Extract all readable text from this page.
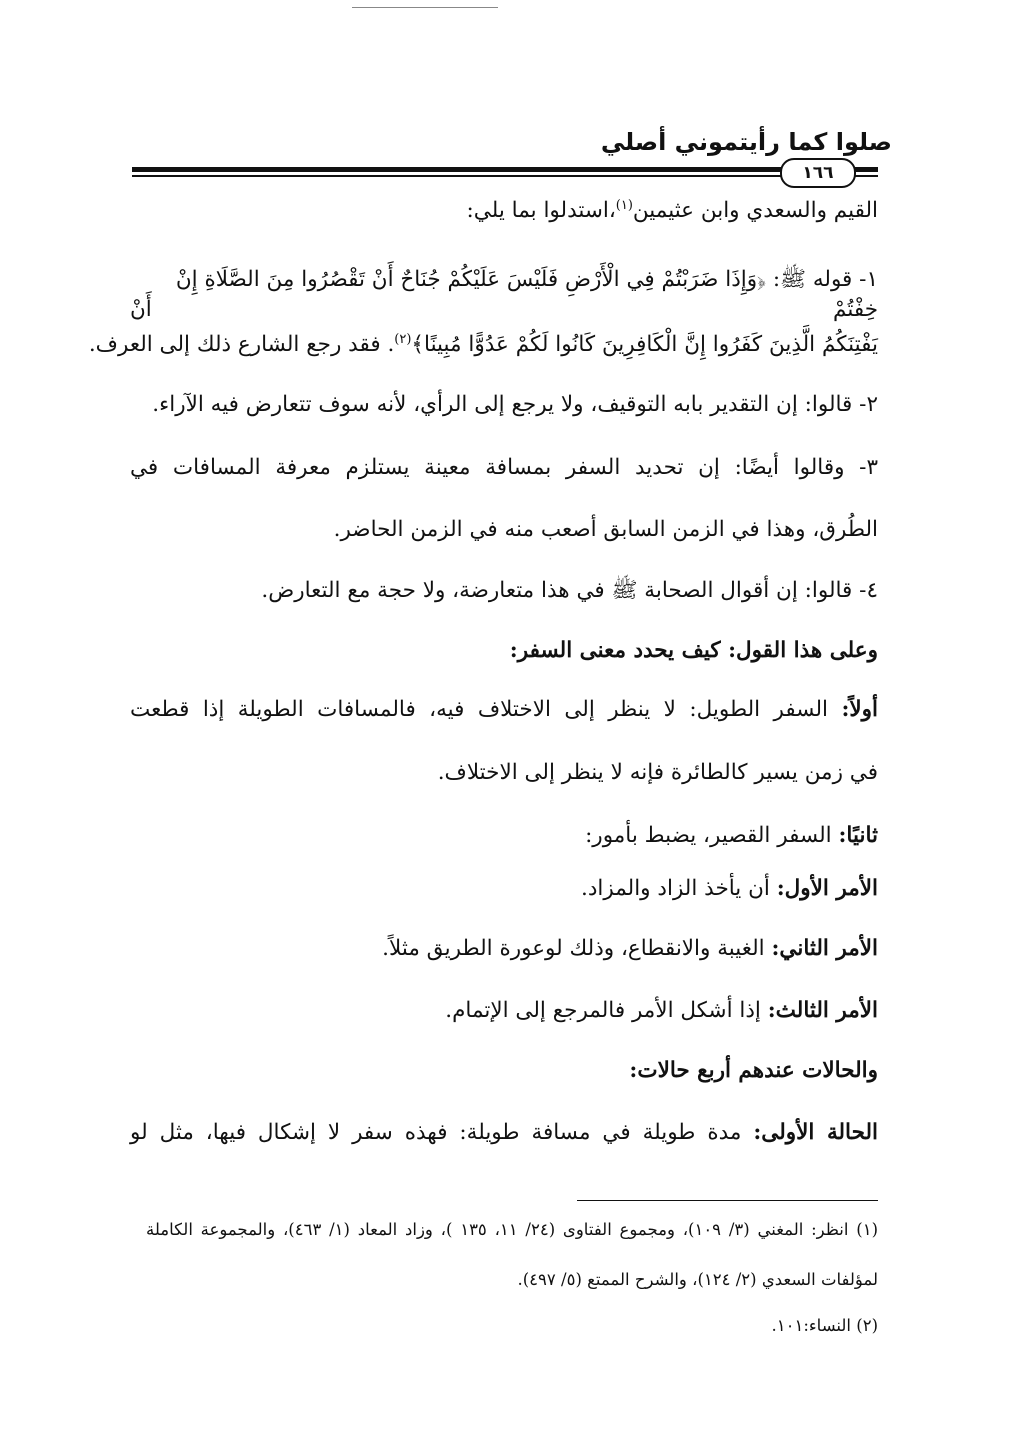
صلوا كما رأيتموني أصلي
١٦٦
القيم والسعدي وابن عثيمين$^{(١)}$،استدلوا بما يلي:
١- قوله ﷺ: ﴿وَإِذَا ضَرَبْتُمْ فِي الْأَرْضِ فَلَيْسَ عَلَيْكُمْ جُنَاحٌ أَنْ تَقْصُرُوا مِنَ الصَّلَاةِ إِنْ خِفْتُمْ أَنْ
يَفْتِنَكُمُ الَّذِينَ كَفَرُوا إِنَّ الْكَافِرِينَ كَانُوا لَكُمْ عَدُوًّا مُبِينًا﴾$^{(٢)}$. فقد رجع الشارع ذلك إلى العرف.
٢- قالوا: إن التقدير بابه التوقيف، ولا يرجع إلى الرأي، لأنه سوف تتعارض فيه الآراء.
٣- وقالوا أيضًا: إن تحديد السفر بمسافة معينة يستلزم معرفة المسافات في
الطُرق، وهذا في الزمن السابق أصعب منه في الزمن الحاضر.
٤- قالوا: إن أقوال الصحابة ﷺ في هذا متعارضة، ولا حجة مع التعارض.
وعلى هذا القول: كيف يحدد معنى السفر:
أولاً: السفر الطويل: لا ينظر إلى الاختلاف فيه، فالمسافات الطويلة إذا قطعت
في زمن يسير كالطائرة فإنه لا ينظر إلى الاختلاف.
ثانيًا: السفر القصير، يضبط بأمور:
الأمر الأول: أن يأخذ الزاد والمزاد.
الأمر الثاني: الغيبة والانقطاع، وذلك لوعورة الطريق مثلاً.
الأمر الثالث: إذا أشكل الأمر فالمرجع إلى الإتمام.
والحالات عندهم أربع حالات:
الحالة الأولى: مدة طويلة في مسافة طويلة: فهذه سفر لا إشكال فيها، مثل لو
(١) انظر: المغني (٣/ ١٠٩)، ومجموع الفتاوى (٢٤/ ١١، ١٣٥ )، وزاد المعاد (١/ ٤٦٣)، والمجموعة الكاملة
لمؤلفات السعدي (٢/ ١٢٤)، والشرح الممتع (٥/ ٤٩٧).
(٢) النساء:١٠١.
